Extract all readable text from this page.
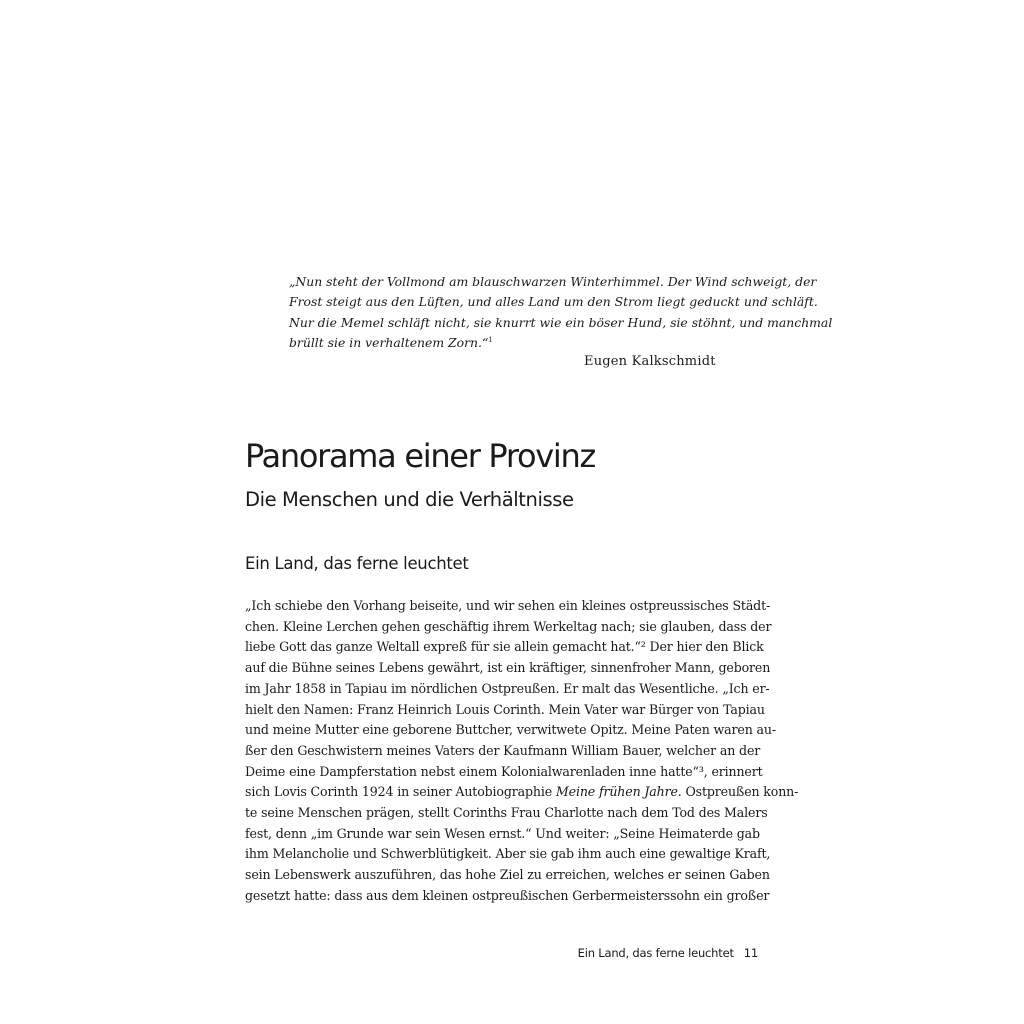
„Nun steht der Vollmond am blauschwarzen Winterhimmel. Der Wind schweigt, der
Frost steigt aus den Lüften, und alles Land um den Strom liegt geduckt und schläft.
Nur die Memel schläft nicht, sie knurrt wie ein böser Hund, sie stöhnt, und manchmal
brüllt sie in verhaltenem Zorn.“$^1$
Eugen Kalkschmidt
Panorama einer Provinz
Die Menschen und die Verhältnisse
Ein Land, das ferne leuchtet
„Ich schiebe den Vorhang beiseite, und wir sehen ein kleines ostpreussisches Städt-
chen. Kleine Lerchen gehen geschäftig ihrem Werkeltag nach; sie glauben, dass der
liebe Gott das ganze Weltall expreß für sie allein gemacht hat.“² Der hier den Blick
auf die Bühne seines Lebens gewährt, ist ein kräftiger, sinnenfroher Mann, geboren
im Jahr 1858 in Tapiau im nördlichen Ostpreußen. Er malt das Wesentliche. „Ich er-
hielt den Namen: Franz Heinrich Louis Corinth. Mein Vater war Bürger von Tapiau
und meine Mutter eine geborene Buttcher, verwitwete Opitz. Meine Paten waren au-
ßer den Geschwistern meines Vaters der Kaufmann William Bauer, welcher an der
Deime eine Dampferstation nebst einem Kolonialwarenladen inne hatte“³, erinnert
sich Lovis Corinth 1924 in seiner Autobiographie Meine frühen Jahre. Ostpreußen konn-
te seine Menschen prägen, stellt Corinths Frau Charlotte nach dem Tod des Malers
fest, denn „im Grunde war sein Wesen ernst.“ Und weiter: „Seine Heimaterde gab
ihm Melancholie und Schwerblütigkeit. Aber sie gab ihm auch eine gewaltige Kraft,
sein Lebenswerk auszuführen, das hohe Ziel zu erreichen, welches er seinen Gaben
gesetzt hatte: dass aus dem kleinen ostpreußischen Gerbermeisterssohn ein großer
Ein Land, das ferne leuchtet 11
